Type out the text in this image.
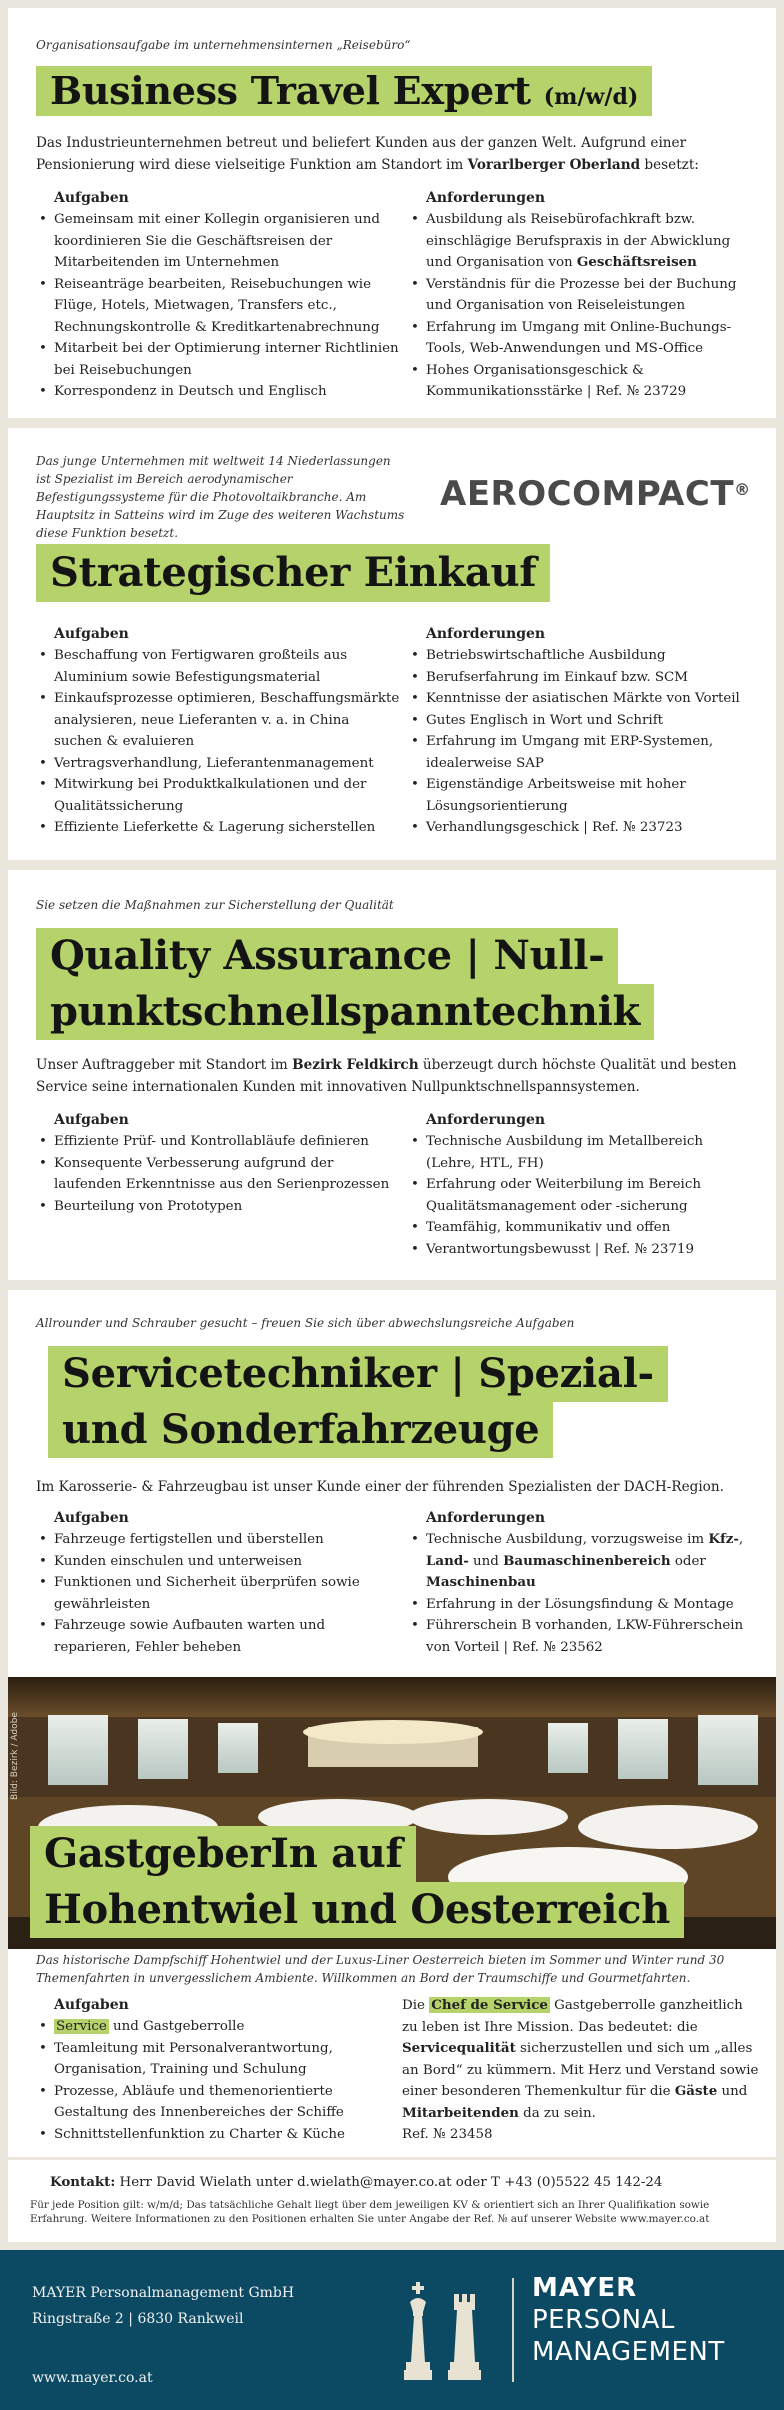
Organisationsaufgabe im unternehmensinternen „Reisebüro“
Business Travel Expert (m/w/d)
Das Industrieunternehmen betreut und beliefert Kunden aus der ganzen Welt. Aufgrund einer Pensionierung wird diese vielseitige Funktion am Standort im Vorarlberger Oberland besetzt:
Aufgaben
• Gemeinsam mit einer Kollegin organisieren und koordinieren Sie die Geschäftsreisen der Mitarbeitenden im Unternehmen
• Reiseanträge bearbeiten, Reisebuchungen wie Flüge, Hotels, Mietwagen, Transfers etc., Rechnungskontrolle & Kreditkartenabrechnung
• Mitarbeit bei der Optimierung interner Richtlinien bei Reisebuchungen
• Korrespondenz in Deutsch und Englisch
Anforderungen
• Ausbildung als Reisebürofachkraft bzw. einschlägige Berufspraxis in der Abwicklung und Organisation von Geschäftsreisen
• Verständnis für die Prozesse bei der Buchung und Organisation von Reiseleistungen
• Erfahrung im Umgang mit Online-Buchungs-Tools, Web-Anwendungen und MS-Office
• Hohes Organisationsgeschick & Kommunikationsstärke | Ref. № 23729
Das junge Unternehmen mit weltweit 14 Niederlassungen ist Spezialist im Bereich aerodynamischer Befestigungssysteme für die Photovoltaikbranche. Am Hauptsitz in Satteins wird im Zuge des weiteren Wachstums diese Funktion besetzt.
AEROCOMPACT®
Strategischer Einkauf
Aufgaben
• Beschaffung von Fertigwaren großteils aus Aluminium sowie Befestigungsmaterial
• Einkaufsprozesse optimieren, Beschaffungsmärkte analysieren, neue Lieferanten v. a. in China suchen & evaluieren
• Vertragsverhandlung, Lieferantenmanagement
• Mitwirkung bei Produktkalkulationen und der Qualitätssicherung
• Effiziente Lieferkette & Lagerung sicherstellen
Anforderungen
• Betriebswirtschaftliche Ausbildung
• Berufserfahrung im Einkauf bzw. SCM
• Kenntnisse der asiatischen Märkte von Vorteil
• Gutes Englisch in Wort und Schrift
• Erfahrung im Umgang mit ERP-Systemen, idealerweise SAP
• Eigenständige Arbeitsweise mit hoher Lösungsorientierung
• Verhandlungsgeschick | Ref. № 23723
Sie setzen die Maßnahmen zur Sicherstellung der Qualität
Quality Assurance | Null-
punktschnellspanntechnik
Unser Auftraggeber mit Standort im Bezirk Feldkirch überzeugt durch höchste Qualität und besten Service seine internationalen Kunden mit innovativen Nullpunktschnellspannsystemen.
Aufgaben
• Effiziente Prüf- und Kontrollabläufe definieren
• Konsequente Verbesserung aufgrund der laufenden Erkenntnisse aus den Serienprozessen
• Beurteilung von Prototypen
Anforderungen
• Technische Ausbildung im Metallbereich (Lehre, HTL, FH)
• Erfahrung oder Weiterbilung im Bereich Qualitätsmanagement oder -sicherung
• Teamfähig, kommunikativ und offen
• Verantwortungsbewusst | Ref. № 23719
Allrounder und Schrauber gesucht – freuen Sie sich über abwechslungsreiche Aufgaben
Servicetechniker | Spezial-
und Sonderfahrzeuge
Im Karosserie- & Fahrzeugbau ist unser Kunde einer der führenden Spezialisten der DACH-Region.
Aufgaben
• Fahrzeuge fertigstellen und überstellen
• Kunden einschulen und unterweisen
• Funktionen und Sicherheit überprüfen sowie gewährleisten
• Fahrzeuge sowie Aufbauten warten und reparieren, Fehler beheben
Anforderungen
• Technische Ausbildung, vorzugsweise im Kfz-, Land- und Baumaschinenbereich oder Maschinenbau
• Erfahrung in der Lösungsfindung & Montage
• Führerschein B vorhanden, LKW-Führerschein von Vorteil | Ref. № 23562
Bild: Bezirk / Adobe
GastgeberIn auf
Hohentwiel und Oesterreich
Das historische Dampfschiff Hohentwiel und der Luxus-Liner Oesterreich bieten im Sommer und Winter rund 30 Themenfahrten in unvergesslichem Ambiente. Willkommen an Bord der Traumschiffe und Gourmetfahrten.
Aufgaben
• Service und Gastgeberrolle
• Teamleitung mit Personalverantwortung, Organisation, Training und Schulung
• Prozesse, Abläufe und themenorientierte Gestaltung des Innenbereiches der Schiffe
• Schnittstellenfunktion zu Charter & Küche

Die Chef de Service Gastgeberrolle ganzheitlich zu leben ist Ihre Mission. Das bedeutet: die Servicequalität sicherzustellen und sich um „alles an Bord“ zu kümmern. Mit Herz und Verstand sowie einer besonderen Themenkultur für die Gäste und Mitarbeitenden da zu sein.

Ref. № 23458

Kontakt: Herr David Wielath unter d.wielath@mayer.co.at oder T +43 (0)5522 45 142-24
Für jede Position gilt: w/m/d; Das tatsächliche Gehalt liegt über dem jeweiligen KV & orientiert sich an Ihrer Qualifikation sowie Erfahrung. Weitere Informationen zu den Positionen erhalten Sie unter Angabe der Ref. № auf unserer Website www.mayer.co.at
MAYER Personalmanagement GmbH
Ringstraße 2 | 6830 Rankweil
www.mayer.co.at
MAYER
PERSONAL
MANAGEMENT
